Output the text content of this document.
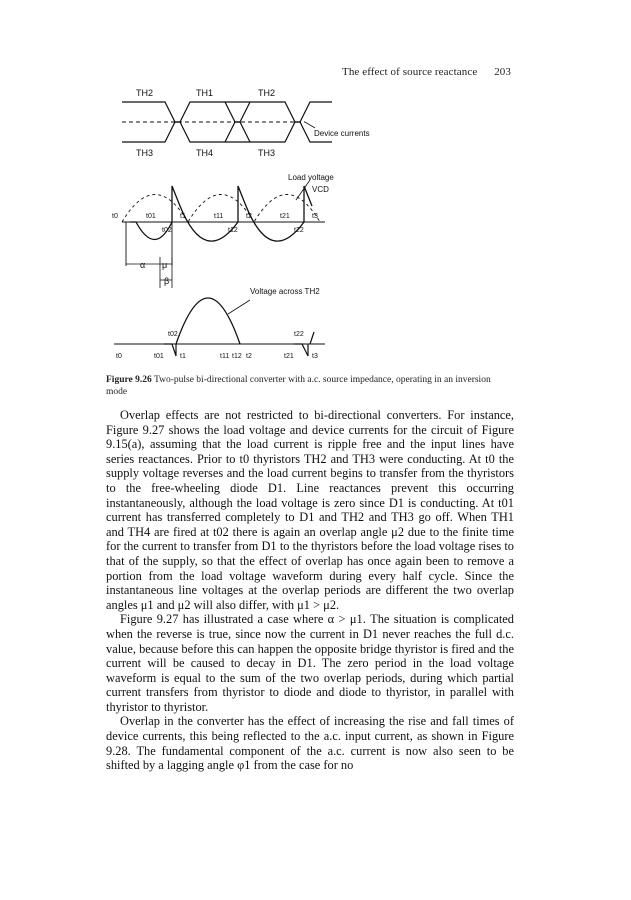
The effect of source reactance 203
TH2	TH1	TH2
TH3	TH4	TH3
Device currents
Load voltage
VCD
t0	t01	t1
t02
t11
t12
t2	t21
t22
t3
α μ
β
Voltage across TH2
t0	t01
t02
t1	t11 t12 t2	t21
t22
t3
Figure 9.26 Two-pulse bi-directional converter with a.c. source impedance, operating in an inversion mode

Overlap effects are not restricted to bi-directional converters. For instance, Figure 9.27 shows the load voltage and device currents for the circuit of Figure 9.15(a), assuming that the load current is ripple free and the input lines have series reactances. Prior to t0 thyristors TH2 and TH3 were conducting. At t0 the supply voltage reverses and the load current begins to transfer from the thyristors to the free-wheeling diode D1. Line reactances prevent this occurring instantaneously, although the load voltage is zero since D1 is conducting. At t01 current has transferred completely to D1 and TH2 and TH3 go off. When TH1 and TH4 are fired at t02 there is again an overlap angle μ2 due to the finite time for the current to transfer from D1 to the thyristors before the load voltage rises to that of the supply, so that the effect of overlap has once again been to remove a portion from the load voltage waveform during every half cycle. Since the instantaneous line voltages at the overlap periods are different the two overlap angles μ1 and μ2 will also differ, with μ1 > μ2.

Figure 9.27 has illustrated a case where α > μ1. The situation is complicated when the reverse is true, since now the current in D1 never reaches the full d.c. value, because before this can happen the opposite bridge thyristor is fired and the current will be caused to decay in D1. The zero period in the load voltage waveform is equal to the sum of the two overlap periods, during which partial current transfers from thyristor to diode and diode to thyristor, in parallel with thyristor to thyristor.

Overlap in the converter has the effect of increasing the rise and fall times of device currents, this being reflected to the a.c. input current, as shown in Figure 9.28. The fundamental component of the a.c. current is now also seen to be shifted by a lagging angle φ1 from the case for no
